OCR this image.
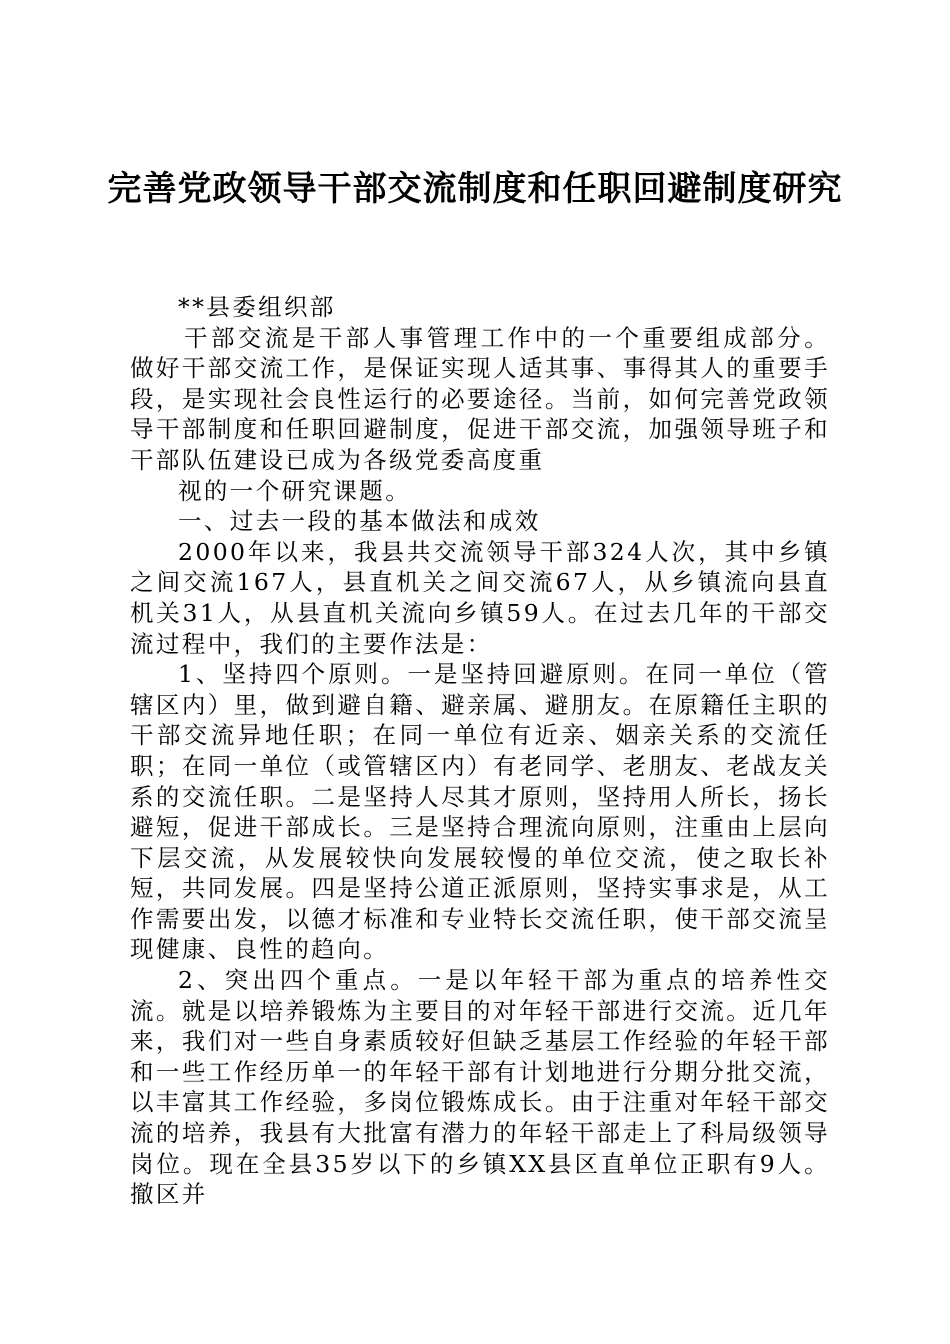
完善党政领导干部交流制度和任职回避制度研究

**县委组织部

干部交流是干部人事管理工作中的一个重要组成部分。做好干部交流工作，是保证实现人适其事、事得其人的重要手段，是实现社会良性运行的必要途径。当前，如何完善党政领导干部制度和任职回避制度，促进干部交流，加强领导班子和干部队伍建设已成为各级党委高度重

视的一个研究课题。

一、过去一段的基本做法和成效

2000年以来，我县共交流领导干部324人次，其中乡镇之间交流167人，县直机关之间交流67人，从乡镇流向县直机关31人，从县直机关流向乡镇59人。在过去几年的干部交流过程中，我们的主要作法是：

1、坚持四个原则。一是坚持回避原则。在同一单位（管辖区内）里，做到避自籍、避亲属、避朋友。在原籍任主职的干部交流异地任职；在同一单位有近亲、姻亲关系的交流任职；在同一单位（或管辖区内）有老同学、老朋友、老战友关系的交流任职。二是坚持人尽其才原则，坚持用人所长，扬长避短，促进干部成长。三是坚持合理流向原则，注重由上层向下层交流，从发展较快向发展较慢的单位交流，使之取长补短，共同发展。四是坚持公道正派原则，坚持实事求是，从工作需要出发，以德才标准和专业特长交流任职，使干部交流呈现健康、良性的趋向。

2、突出四个重点。一是以年轻干部为重点的培养性交流。就是以培养锻炼为主要目的对年轻干部进行交流。近几年来，我们对一些自身素质较好但缺乏基层工作经验的年轻干部和一些工作经历单一的年轻干部有计划地进行分期分批交流，以丰富其工作经验，多岗位锻炼成长。由于注重对年轻干部交流的培养，我县有大批富有潜力的年轻干部走上了科局级领导岗位。现在全县35岁以下的乡镇XX县区直单位正职有9人。撤区并
